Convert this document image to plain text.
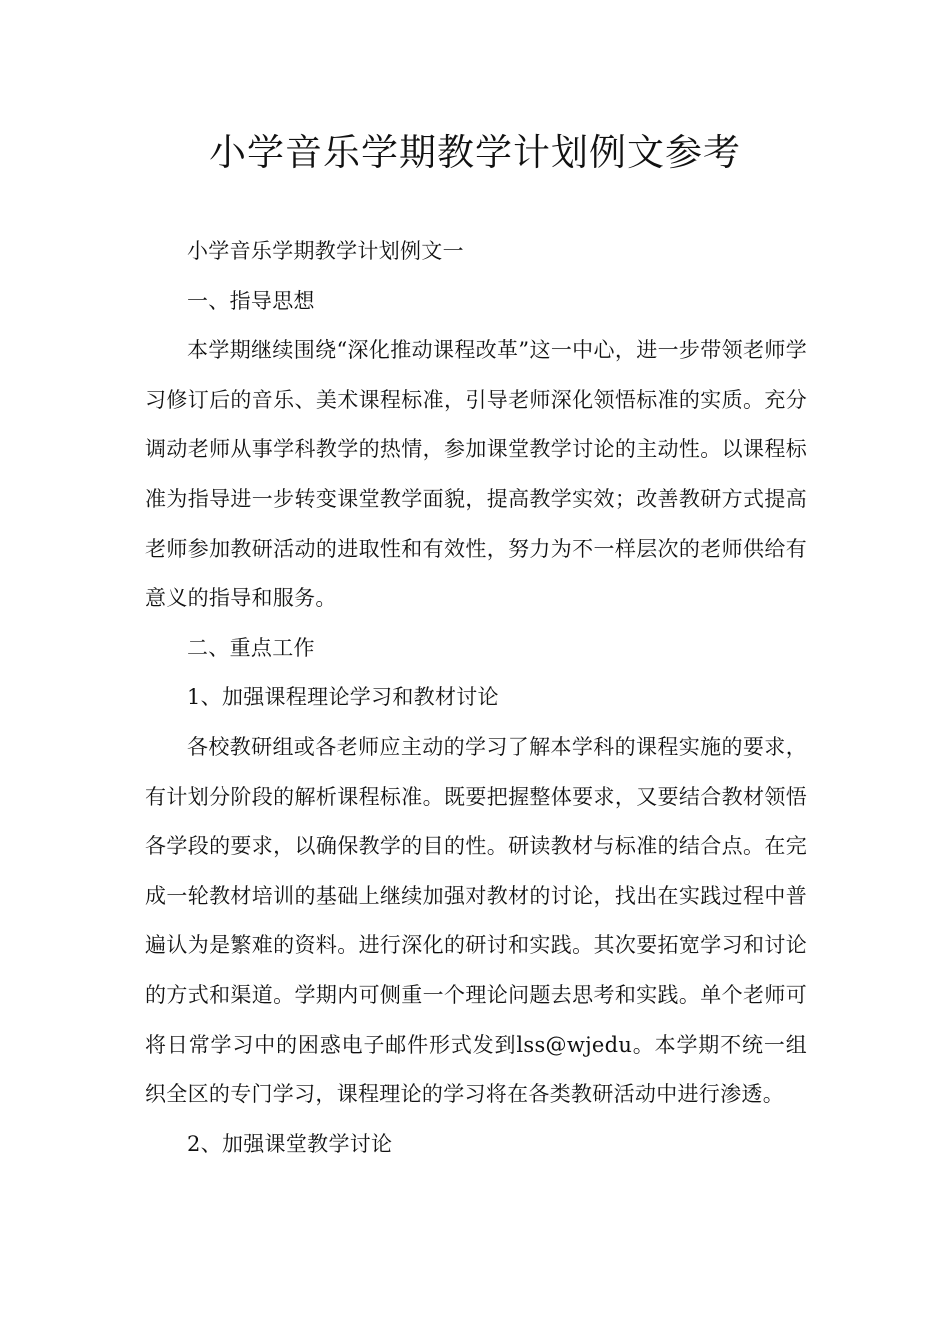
小学音乐学期教学计划例文参考

小学音乐学期教学计划例文一

一、指导思想

本学期继续围绕“深化推动课程改革”这一中心，进一步带领老师学习修订后的音乐、美术课程标准，引导老师深化领悟标准的实质。充分调动老师从事学科教学的热情，参加课堂教学讨论的主动性。以课程标准为指导进一步转变课堂教学面貌，提高教学实效；改善教研方式提高老师参加教研活动的进取性和有效性，努力为不一样层次的老师供给有意义的指导和服务。

二、重点工作

1、加强课程理论学习和教材讨论

各校教研组或各老师应主动的学习了解本学科的课程实施的要求，有计划分阶段的解析课程标准。既要把握整体要求，又要结合教材领悟各学段的要求，以确保教学的目的性。研读教材与标准的结合点。在完成一轮教材培训的基础上继续加强对教材的讨论，找出在实践过程中普遍认为是繁难的资料。进行深化的研讨和实践。其次要拓宽学习和讨论的方式和渠道。学期内可侧重一个理论问题去思考和实践。单个老师可将日常学习中的困惑电子邮件形式发到lss@wjedu。本学期不统一组织全区的专门学习，课程理论的学习将在各类教研活动中进行渗透。

2、加强课堂教学讨论
